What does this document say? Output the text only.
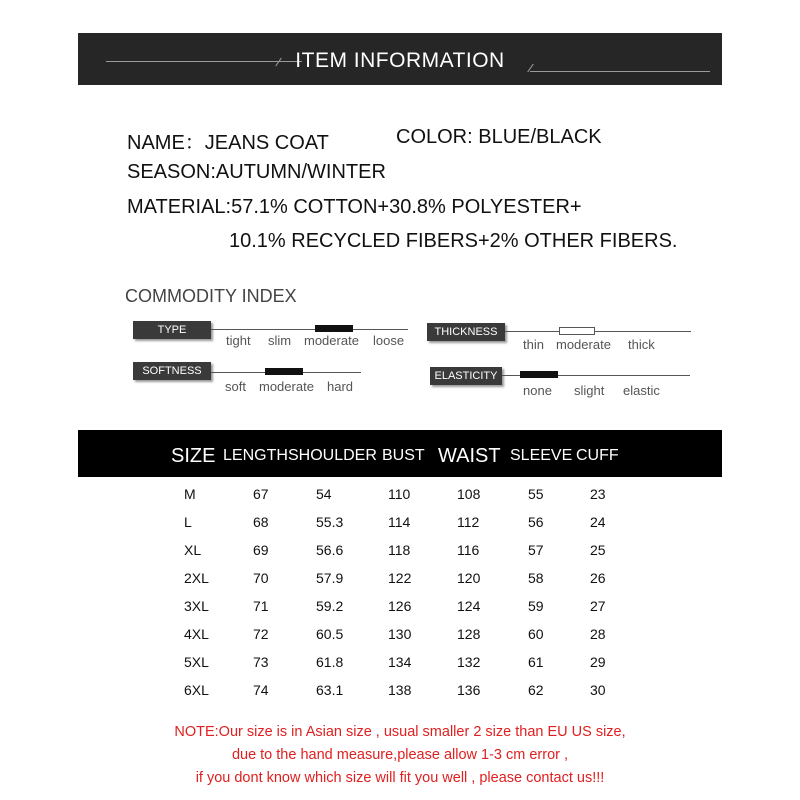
ITEM INFORMATION
NAME：JEANS COAT	COLOR: BLUE/BLACK
SEASON:AUTUMN/WINTER
MATERIAL:57.1% COTTON+30.8% POLYESTER+
10.1% RECYCLED FIBERS+2% OTHER FIBERS.
COMMODITY INDEX
TYPE VERSIOIN	tight slim moderate loose
THICKNESS
thin moderate thick
SOFTNESS
soft moderate hard
ELASTICITY
none slight elastic
SIZE LENGTH SHOULDER BUST WAIST SLEEVE CUFF
M	67	54	110	108	55	23
L	68	55.3	114	112	56	24
XL	69	56.6	118	116	57	25
2XL	70	57.9	122	120	58	26
3XL	71	59.2	126	124	59	27
4XL	72	60.5	130	128	60	28
5XL	73	61.8	134	132	61	29
6XL	74	63.1	138	136	62	30
NOTE:Our size is in Asian size , usual smaller 2 size than EU US size,
due to the hand measure,please allow 1-3 cm error ,
if you dont know which size will fit you well , please contact us!!!
